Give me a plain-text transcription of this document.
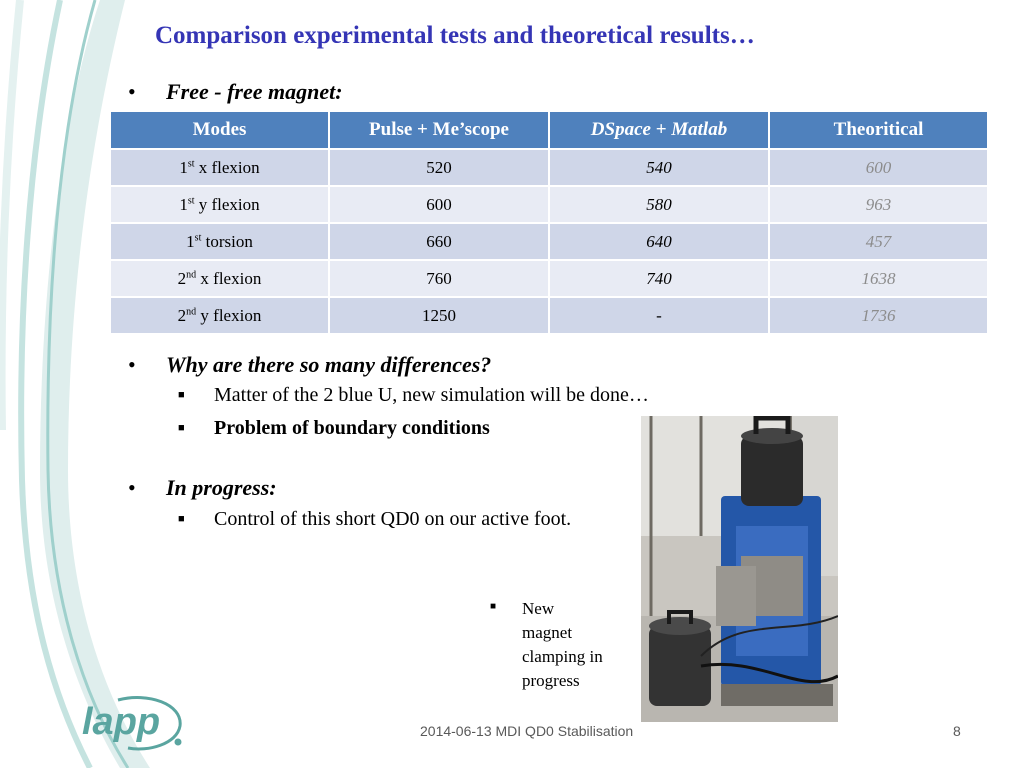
Comparison experimental tests and theoretical results…
•	Free - free magnet:
Modes	Pulse + Me’scope	DSpace + Matlab	Theoritical
1st x flexion	520	540	600
1st y flexion	600	580	963
1st torsion	660	640	457
2nd x flexion	760	740	1638
2nd y flexion	1250	-	1736
•	Why are there so many differences?
■	Matter of the 2 blue U, new simulation will be done…
■	Problem of boundary conditions
•	In progress:
■	Control of this short QD0 on our active foot.
■	New
magnet
clamping in
progress
2014-06-13 MDI QD0 Stabilisation	8
lapp
